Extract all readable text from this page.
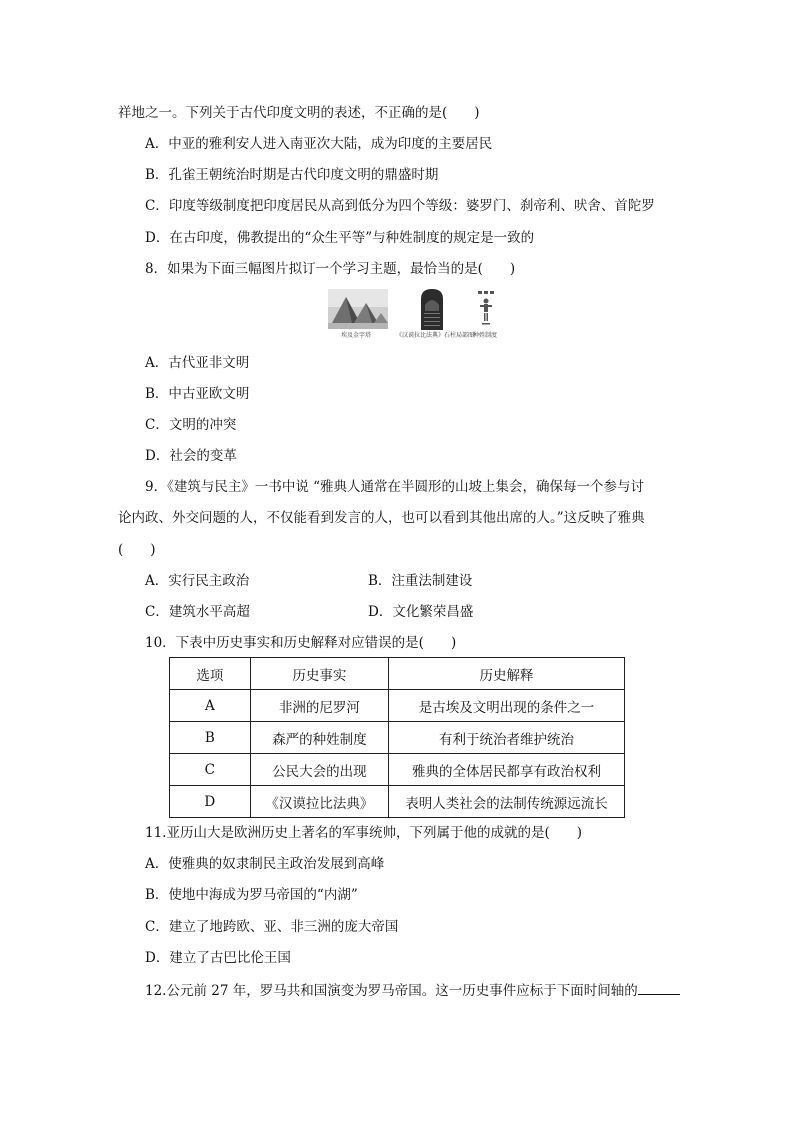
祥地之一。下列关于古代印度文明的表述，不正确的是(　　)
A．中亚的雅利安人进入南亚次大陆，成为印度的主要居民
B．孔雀王朝统治时期是古代印度文明的鼎盛时期
C．印度等级制度把印度居民从高到低分为四个等级：婆罗门、刹帝利、吠舍、首陀罗
D．在古印度，佛教提出的“众生平等”与种姓制度的规定是一致的
8．如果为下面三幅图片拟订一个学习主题，最恰当的是(　　)
埃及金字塔	《汉谟拉比法典》石柱局部图
种姓制度
A．古代亚非文明
B．中古亚欧文明
C．文明的冲突
D．社会的变革
9．《建筑与民主》一书中说 “雅典人通常在半圆形的山坡上集会，确保每一个参与讨
论内政、外交问题的人，不仅能看到发言的人，也可以看到其他出席的人。”这反映了雅典
(　　)
A．实行民主政治	B．注重法制建设
C．建筑水平高超	D．文化繁荣昌盛
10．下表中历史事实和历史解释对应错误的是(　　)
选项	历史事实	历史解释
A	非洲的尼罗河	是古埃及文明出现的条件之一
B	森严的种姓制度	有利于统治者维护统治
C	公民大会的出现	雅典的全体居民都享有政治权利
D	《汉谟拉比法典》	表明人类社会的法制传统源远流长
11.亚历山大是欧洲历史上著名的军事统帅，下列属于他的成就的是(　　)
A．使雅典的奴隶制民主政治发展到高峰
B．使地中海成为罗马帝国的“内湖”
C．建立了地跨欧、亚、非三洲的庞大帝国
D．建立了古巴比伦王国
12.公元前 27 年，罗马共和国演变为罗马帝国。这一历史事件应标于下面时间轴的
